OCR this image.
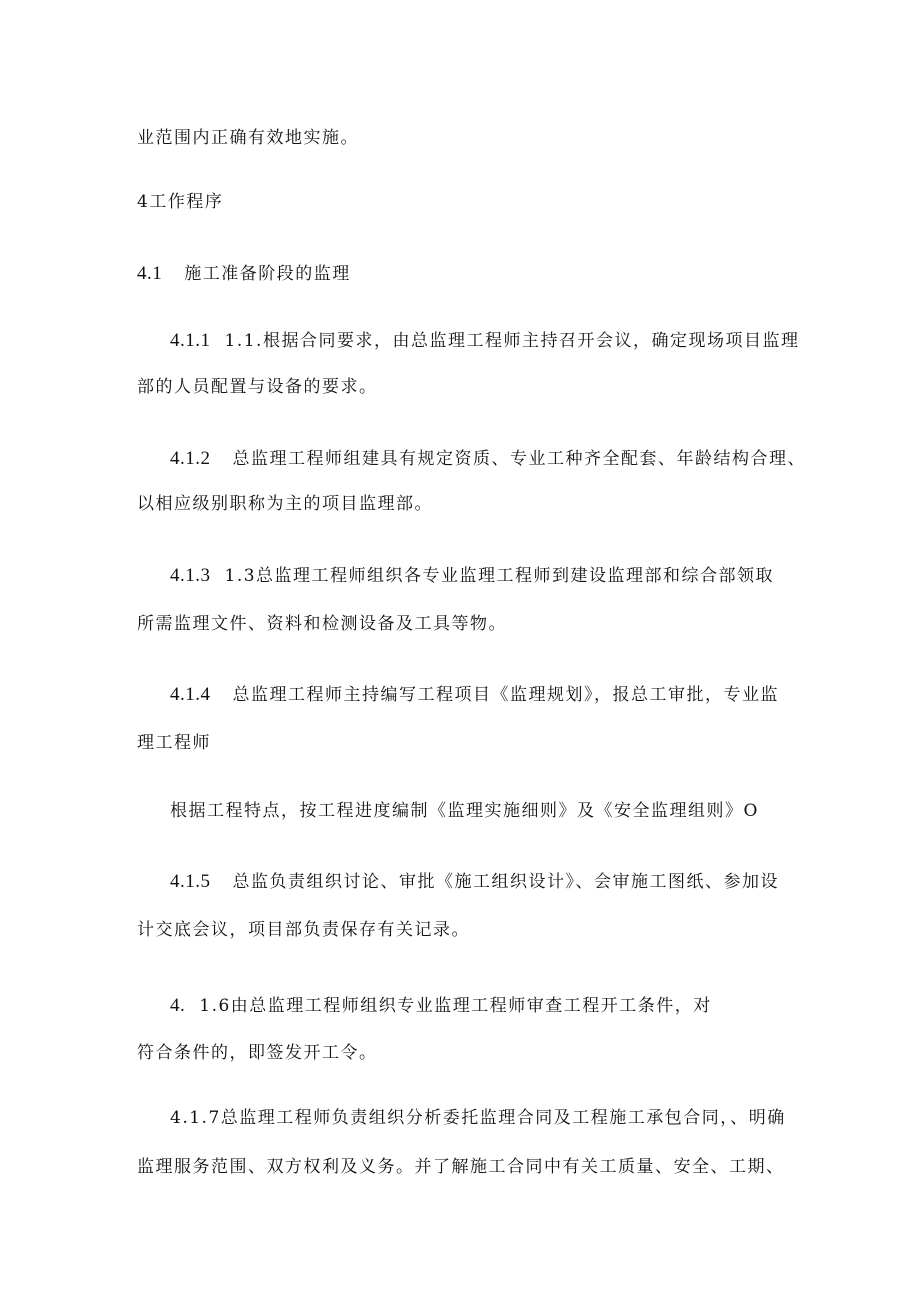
业范围内正确有效地实施。
4工作程序
4.1 施工准备阶段的监理
4.1.1 1.1.根据合同要求，由总监理工程师主持召开会议，确定现场项目监理
部的人员配置与设备的要求。
4.1.2 总监理工程师组建具有规定资质、专业工种齐全配套、年龄结构合理、
以相应级别职称为主的项目监理部。
4.1.3 1.3总监理工程师组织各专业监理工程师到建设监理部和综合部领取
所需监理文件、资料和检测设备及工具等物。
4.1.4 总监理工程师主持编写工程项目《监理规划》，报总工审批，专业监
理工程师
根据工程特点，按工程进度编制《监理实施细则》及《安全监理组则》O
4.1.5 总监负责组织讨论、审批《施工组织设计》、会审施工图纸、参加设
计交底会议，项目部负责保存有关记录。
4. 1.6由总监理工程师组织专业监理工程师审查工程开工条件，对
符合条件的，即签发开工令。
4.1.7总监理工程师负责组织分析委托监理合同及工程施工承包合同，、明确
监理服务范围、双方权利及义务。并了解施工合同中有关工质量、安全、工期、
